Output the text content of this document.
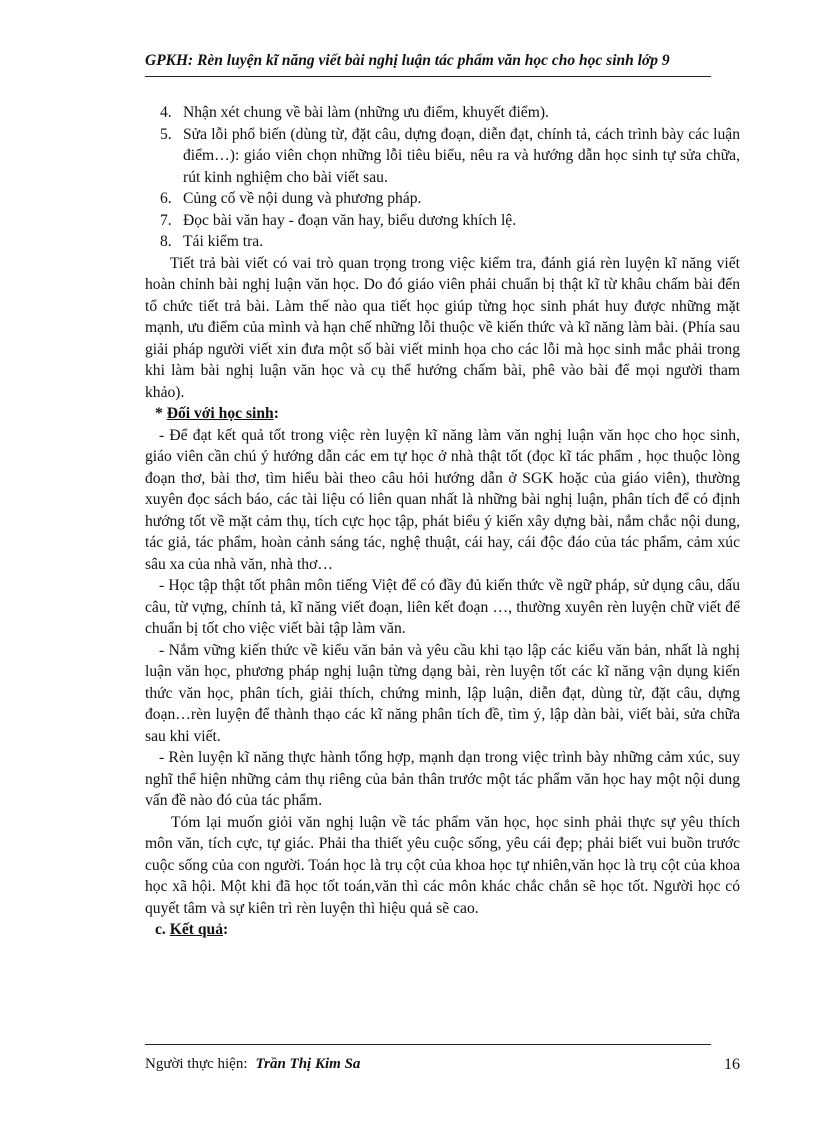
GPKH: Rèn luyện kĩ năng viết bài nghị luận tác phẩm văn học cho học sinh lớp 9
4. Nhận xét chung về bài làm (những ưu điểm, khuyết điểm).
5. Sửa lỗi phổ biến (dùng từ, đặt câu, dựng đoạn, diễn đạt, chính tả, cách trình bày các luận điểm…): giáo viên chọn những lỗi tiêu biểu, nêu ra và hướng dẫn học sinh tự sửa chữa, rút kinh nghiệm cho bài viết sau.
6. Củng cố về nội dung và phương pháp.
7. Đọc bài văn hay - đoạn văn hay, biểu dương khích lệ.
8. Tái kiểm tra.

Tiết trả bài viết có vai trò quan trọng trong việc kiểm tra, đánh giá rèn luyện kĩ năng viết hoàn chỉnh bài nghị luận văn học. Do đó giáo viên phải chuẩn bị thật kĩ từ khâu chấm bài đến tổ chức tiết trả bài. Làm thế nào qua tiết học giúp từng học sinh phát huy được những mặt mạnh, ưu điểm của mình và hạn chế những lỗi thuộc về kiến thức và kĩ năng làm bài. (Phía sau giải pháp người viết xin đưa một số bài viết minh họa cho các lỗi mà học sinh mắc phải trong khi làm bài nghị luận văn học và cụ thể hướng chấm bài, phê vào bài để mọi người tham khảo).

* Đối với học sinh:

- Để đạt kết quả tốt trong việc rèn luyện kĩ năng làm văn nghị luận văn học cho học sinh, giáo viên cần chú ý hướng dẫn các em tự học ở nhà thật tốt (đọc kĩ tác phẩm , học thuộc lòng đoạn thơ, bài thơ, tìm hiểu bài theo câu hỏi hướng dẫn ở SGK hoặc của giáo viên), thường xuyên đọc sách báo, các tài liệu có liên quan nhất là những bài nghị luận, phân tích để có định hướng tốt về mặt cảm thụ, tích cực học tập, phát biểu ý kiến xây dựng bài, nắm chắc nội dung, tác giả, tác phẩm, hoàn cảnh sáng tác, nghệ thuật, cái hay, cái độc đáo của tác phẩm, cảm xúc sâu xa của nhà văn, nhà thơ…

- Học tập thật tốt phân môn tiếng Việt để có đầy đủ kiến thức về ngữ pháp, sử dụng câu, dấu câu, từ vựng, chính tả, kĩ năng viết đoạn, liên kết đoạn …, thường xuyên rèn luyện chữ viết để chuẩn bị tốt cho việc viết bài tập làm văn.

- Nắm vững kiến thức về kiểu văn bản và yêu cầu khi tạo lập các kiểu văn bản, nhất là nghị luận văn học, phương pháp nghị luận từng dạng bài, rèn luyện tốt các kĩ năng vận dụng kiến thức văn học, phân tích, giải thích, chứng minh, lập luận, diễn đạt, dùng từ, đặt câu, dựng đoạn…rèn luyện để thành thạo các kĩ năng phân tích đề, tìm ý, lập dàn bài, viết bài, sửa chữa sau khi viết.

- Rèn luyện kĩ năng thực hành tổng hợp, mạnh dạn trong việc trình bày những cảm xúc, suy nghĩ thể hiện những cảm thụ riêng của bản thân trước một tác phẩm văn học hay một nội dung vấn đề nào đó của tác phẩm.

Tóm lại muốn giỏi văn nghị luận về tác phẩm văn học, học sinh phải thực sự yêu thích môn văn, tích cực, tự giác. Phải tha thiết yêu cuộc sống, yêu cái đẹp; phải biết vui buồn trước cuộc sống của con người. Toán học là trụ cột của khoa học tự nhiên,văn học là trụ cột của khoa học xã hội. Một khi đã học tốt toán,văn thì các môn khác chắc chắn sẽ học tốt. Người học có quyết tâm và sự kiên trì rèn luyện thì hiệu quả sẽ cao.

c. Kết quả:

Người thực hiện: Trần Thị Kim Sa	16
